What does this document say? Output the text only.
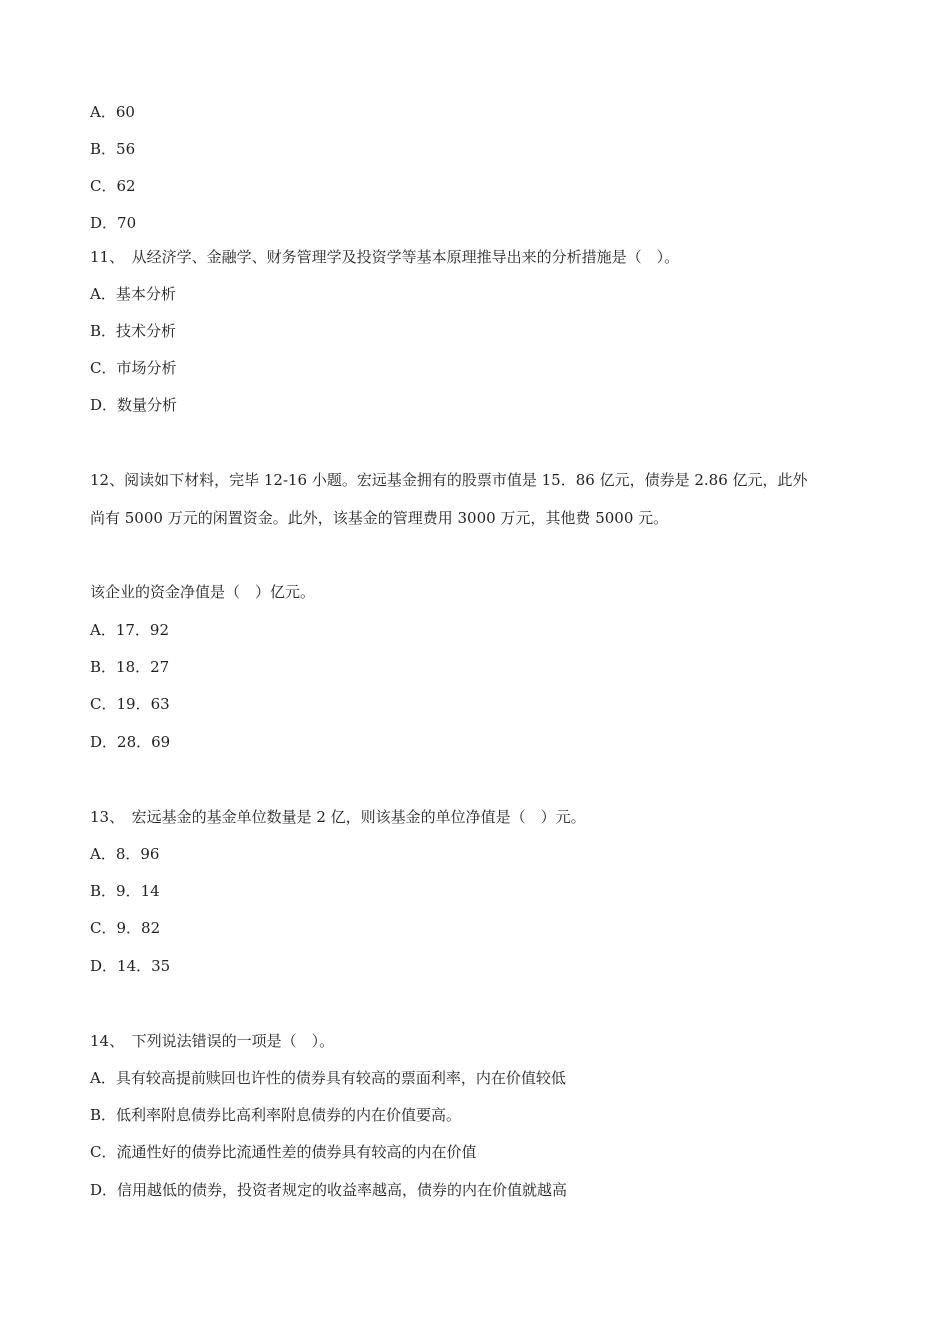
A．60
B．56
C．62
D．70
11、　从经济学、金融学、财务管理学及投资学等基本原理推导出来的分析措施是（　）。
A．基本分析
B．技术分析
C．市场分析
D．数量分析
12、阅读如下材料，完毕 12-16 小题。宏远基金拥有的股票市值是 15．86 亿元，债券是 2.86 亿元，此外
尚有 5000 万元的闲置资金。此外，该基金的管理费用 3000 万元，其他费 5000 元。
该企业的资金净值是（　）亿元。
A．17．92
B．18．27
C．19．63
D．28．69
13、　宏远基金的基金单位数量是 2 亿，则该基金的单位净值是（　）元。
A．8．96
B．9．14
C．9．82
D．14．35
14、　下列说法错误的一项是（　）。
A．具有较高提前赎回也许性的债券具有较高的票面利率，内在价值较低
B．低利率附息债券比高利率附息债券的内在价值要高。
C．流通性好的债券比流通性差的债券具有较高的内在价值
D．信用越低的债券，投资者规定的收益率越高，债券的内在价值就越高
